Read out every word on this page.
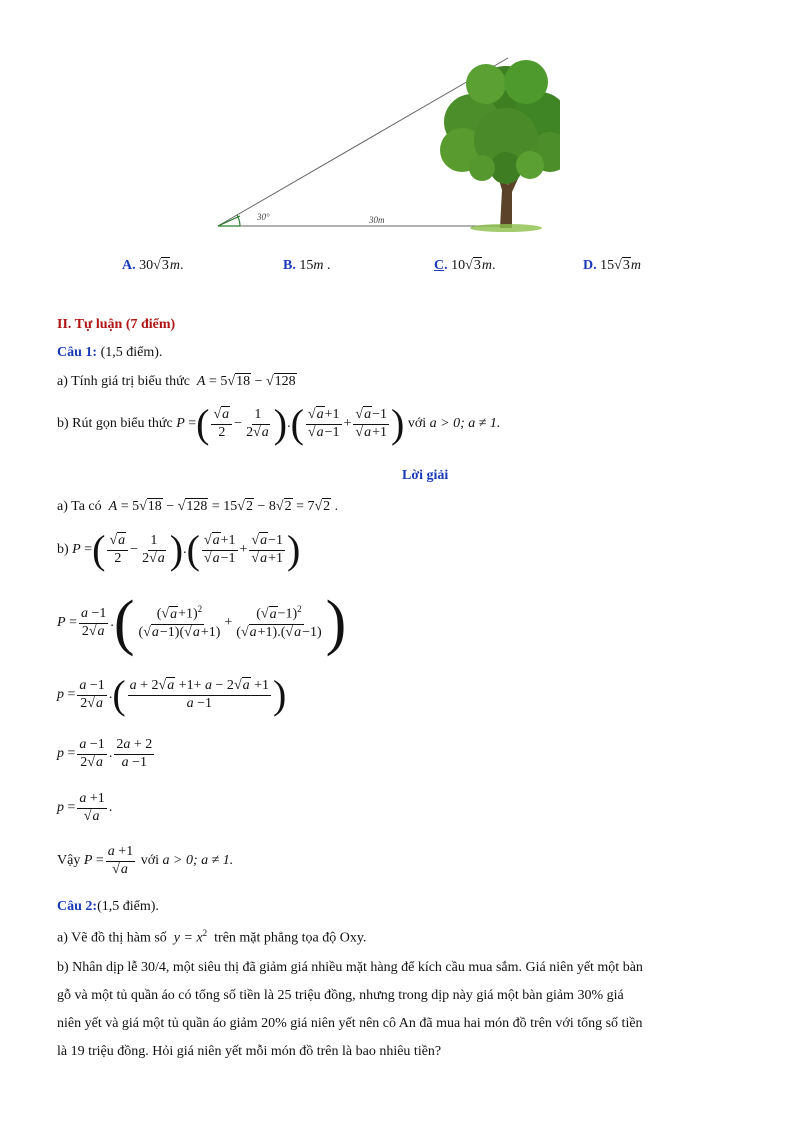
30°	30m
A. 30√3m.	B. 15m .	C. 10√3m.	D. 15√3m
II. Tự luận (7 điểm)
Câu 1: (1,5 điểm).
a) Tính giá trị biểu thức A = 5√18 − √128
b) Rút gọn biểu thức
P = ( $\frac{√a}{2} - \frac{1}{2√a}$ ) . ( $\frac{√a+1}{√a-1} + \frac{√a-1}{√a+1}$ )
với
a > 0; a ≠ 1.
Lời giải
a) Ta có A = 5√18 − √128 = 15√2 − 8√2 = 7√2 .
b)
P = ( $\frac{√a}{2} - \frac{1}{2√a}$ ) . ( $\frac{√a+1}{√a-1} + \frac{√a-1}{√a+1}$ )
$P = \frac{a -1}{2√a}$ . ( $\frac{(√a+1)^2}{(√a-1)(√a+1)} + \frac{(√a-1)^2}{(√a+1).(√a-1)}$ )
$p = \frac{a -1}{2√a}$ . ( $\frac{a + 2√a +1+ a - 2√a +1}{a -1}$ )
$p = \frac{a -1}{2√a}$ . $\frac{2a + 2}{a -1}$
$p = \frac{a +1}{√a}$ .
Vậy
$P = \frac{a +1}{√a}$
với
a > 0; a ≠ 1.
Câu 2:(1,5 điểm).
a) Vẽ đồ thị hàm số $y = x^2$ trên mặt phẳng tọa độ Oxy.
b) Nhân dịp lễ 30/4, một siêu thị đã giảm giá nhiều mặt hàng để kích cầu mua sắm. Giá niên yết một bàn
gỗ và một tủ quần áo có tổng số tiền là 25 triệu đồng, nhưng trong dịp này giá một bàn giảm 30% giá
niên yết và giá một tủ quần áo giảm 20% giá niên yết nên cô An đã mua hai món đồ trên với tổng số tiền
là 19 triệu đồng. Hỏi giá niên yết mỗi món đồ trên là bao nhiêu tiền?
